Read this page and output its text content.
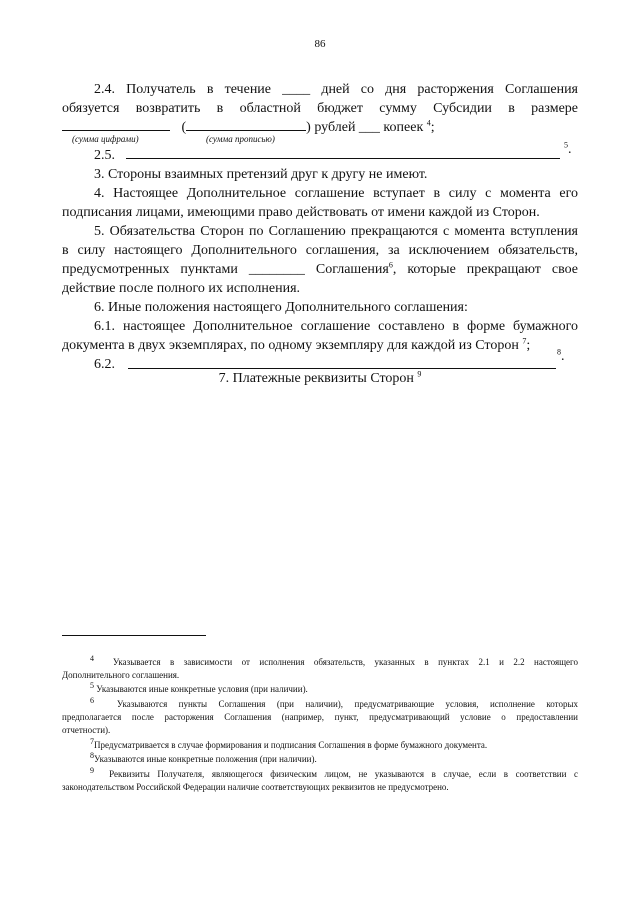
86
2.4. Получатель в течение ____ дней со дня расторжения Соглашения
обязуется возвратить в областной бюджет сумму Субсидии в размере
(	) рублей ___ копеек $^4$;
(сумма цифрами)	(сумма прописью)
2.5.
$^5$.
3. Стороны взаимных претензий друг к другу не имеют.
4. Настоящее Дополнительное соглашение вступает в силу с момента его
подписания лицами, имеющими право действовать от имени каждой из Сторон.
5. Обязательства Сторон по Соглашению прекращаются с момента вступления
в силу настоящего Дополнительного соглашения, за исключением обязательств,
предусмотренных пунктами ________ Соглашения$^6$, которые прекращают свое
действие после полного их исполнения.
6. Иные положения настоящего Дополнительного соглашения:
6.1. настоящее Дополнительное соглашение составлено в форме бумажного
документа в двух экземплярах, по одному экземпляру для каждой из Сторон $^7$;
6.2.
$^8$.
7. Платежные реквизиты Сторон $^9$
$^4$ Указывается в зависимости от исполнения обязательств, указанных в пунктах 2.1 и 2.2 настоящего
Дополнительного соглашения.
$^5$ Указываются иные конкретные условия (при наличии).
$^6$	Указываются пункты Соглашения (при наличии), предусматривающие условия, исполнение которых
предполагается после расторжения Соглашения (например, пункт, предусматривающий условие о предоставлении
отчетности).
$^7$Предусматривается в случае формирования и подписания Соглашения в форме бумажного документа.
$^8$Указываются иные конкретные положения (при наличии).
$^9$ Реквизиты Получателя, являющегося физическим лицом, не указываются в случае, если в соответствии с
законодательством Российской Федерации наличие соответствующих реквизитов не предусмотрено.
